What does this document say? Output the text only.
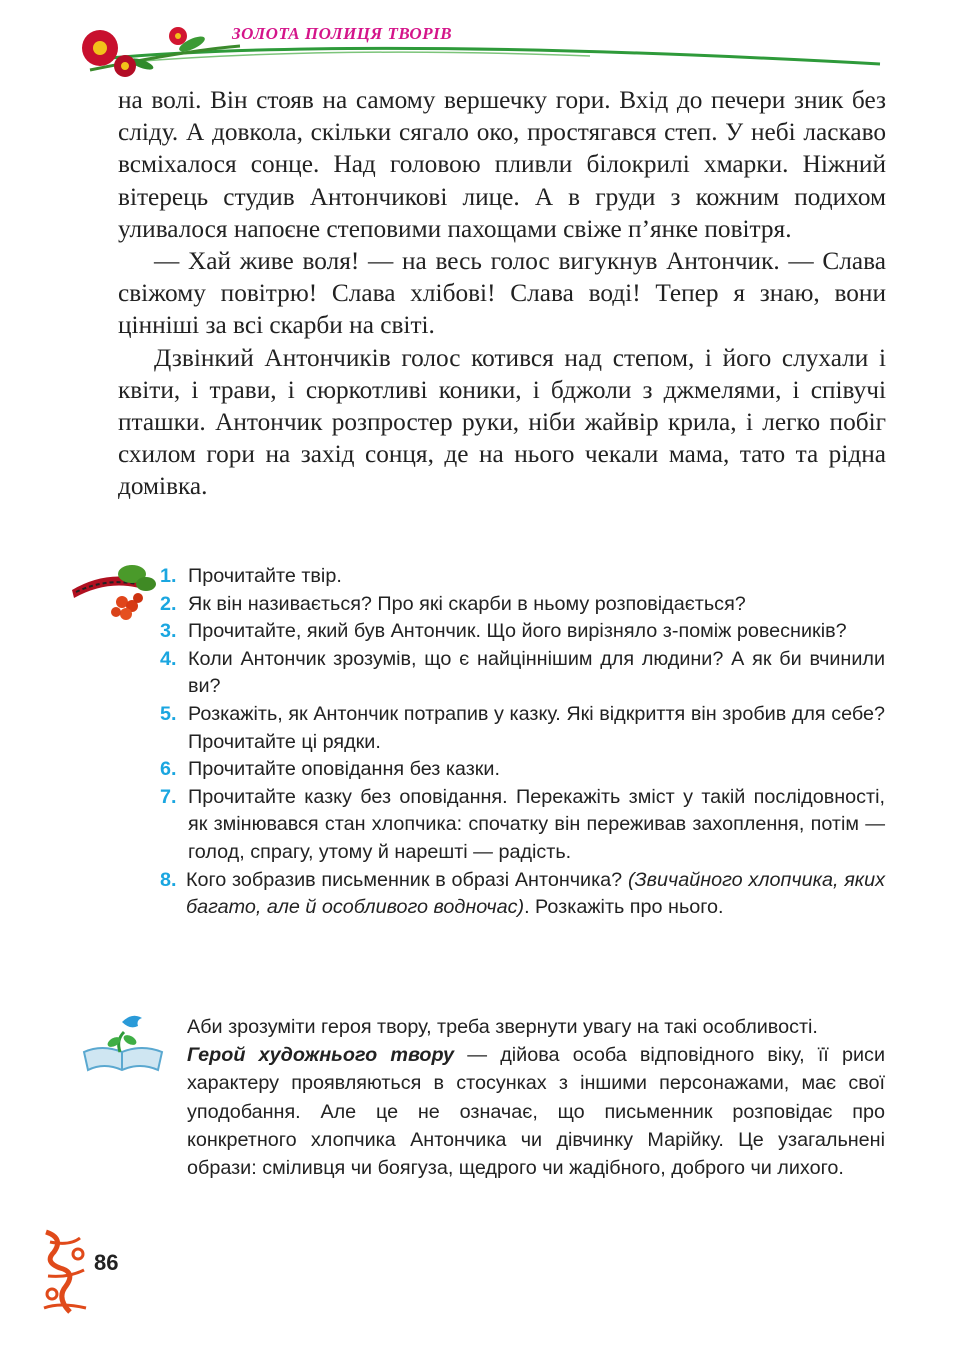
ЗОЛОТА ПОЛИЦЯ ТВОРІВ

на волі. Він стояв на самому вершечку гори. Вхід до печери зник без сліду. А довкола, скільки сягало око, простягався степ. У небі ласкаво всміхалося сонце. Над головою пливли білокрилі хмарки. Ніжний вітерець студив Антончикові лице. А в груди з кожним подихом уливалося напоєне степовими пахощами свіже п’янке повітря.

— Хай живе воля! — на весь голос вигукнув Антончик. — Слава свіжому повітрю! Слава хлібові! Слава воді! Тепер я знаю, вони цінніші за всі скарби на світі.

Дзвінкий Антончиків голос котився над степом, і його слухали і квіти, і трави, і сюркотливі коники, і бджоли з джмелями, і співучі пташки. Антончик розпростер руки, ніби жайвір крила, і легко побіг схилом гори на захід сонця, де на нього чекали мама, тато та рідна домівка.

1. Прочитайте твір.
2. Як він називається? Про які скарби в ньому розповідається?
3. Прочитайте, який був Антончик. Що його вирізняло з-поміж ровесників?
4. Коли Антончик зрозумів, що є найціннішим для людини? А як би вчинили ви?
5. Розкажіть, як Антончик потрапив у казку. Які відкриття він зробив для себе? Прочитайте ці рядки.
6. Прочитайте оповідання без казки.
7. Прочитайте казку без оповідання. Перекажіть зміст у такій послідовності, як змінювався стан хлопчика: спочатку він переживав захоплення, потім — голод, спрагу, утому й нарешті — радість.
8. Кого зобразив письменник в образі Антончика? (Звичайного хлопчика, яких багато, але й особливого водночас). Розкажіть про нього.

Аби зрозуміти героя твору, треба звернути увагу на такі особливості.

Герой художнього твору — дійова особа відповідного віку, її риси характеру проявляються в стосунках з іншими персонажами, має свої уподобання. Але це не означає, що письменник розповідає про конкретного хлопчика Антончика чи дівчинку Марійку. Це узагальнені образи: сміливця чи боягуза, щедрого чи жадібного, доброго чи лихого.

86
